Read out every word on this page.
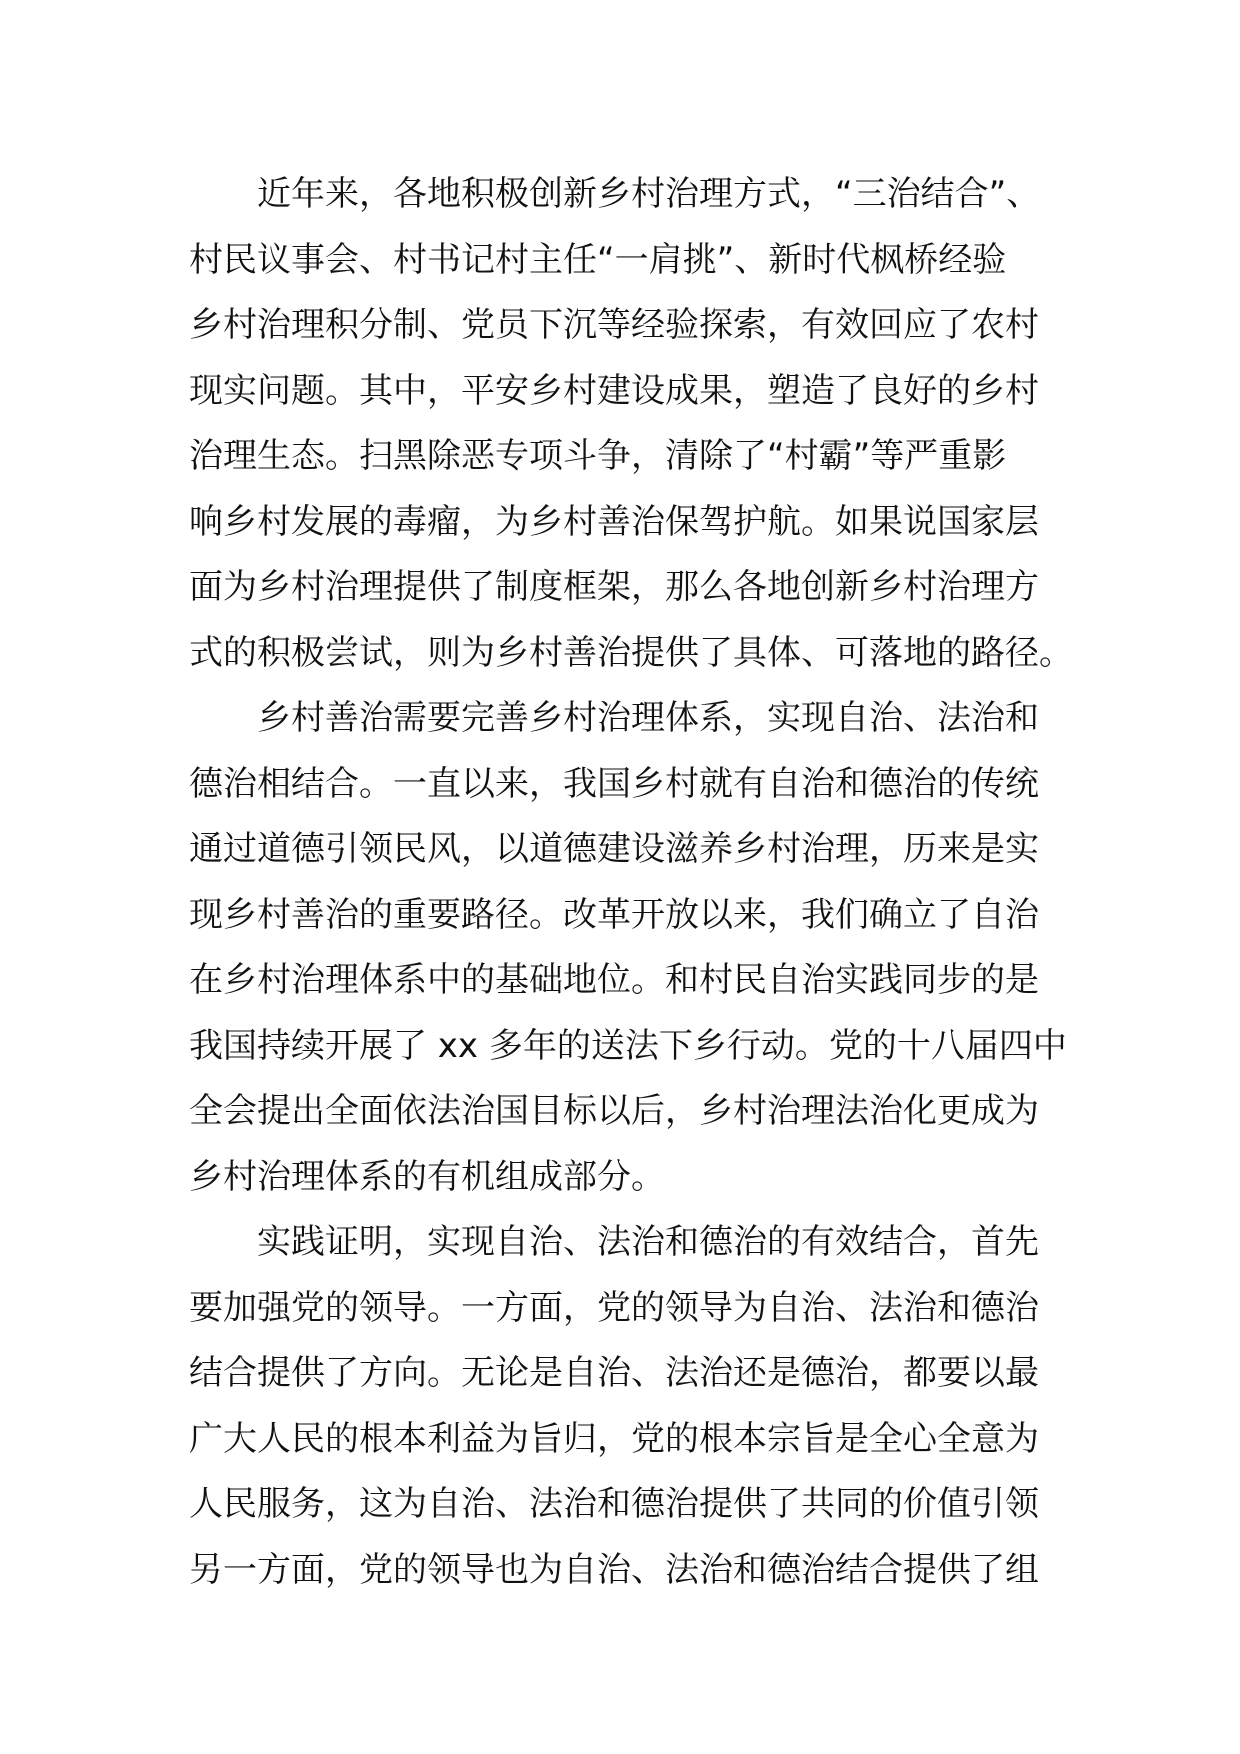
近年来，各地积极创新乡村治理方式，“三治结合”、
村民议事会、村书记村主任“一肩挑”、新时代枫桥经验
乡村治理积分制、党员下沉等经验探索，有效回应了农村
现实问题。其中，平安乡村建设成果，塑造了良好的乡村
治理生态。扫黑除恶专项斗争，清除了“村霸”等严重影
响乡村发展的毒瘤，为乡村善治保驾护航。如果说国家层
面为乡村治理提供了制度框架，那么各地创新乡村治理方
式的积极尝试，则为乡村善治提供了具体、可落地的路径。
乡村善治需要完善乡村治理体系，实现自治、法治和
德治相结合。一直以来，我国乡村就有自治和德治的传统
通过道德引领民风，以道德建设滋养乡村治理，历来是实
现乡村善治的重要路径。改革开放以来，我们确立了自治
在乡村治理体系中的基础地位。和村民自治实践同步的是
我国持续开展了 xx 多年的送法下乡行动。党的十八届四中
全会提出全面依法治国目标以后，乡村治理法治化更成为
乡村治理体系的有机组成部分。
实践证明，实现自治、法治和德治的有效结合，首先
要加强党的领导。一方面，党的领导为自治、法治和德治
结合提供了方向。无论是自治、法治还是德治，都要以最
广大人民的根本利益为旨归，党的根本宗旨是全心全意为
人民服务，这为自治、法治和德治提供了共同的价值引领
另一方面，党的领导也为自治、法治和德治结合提供了组
